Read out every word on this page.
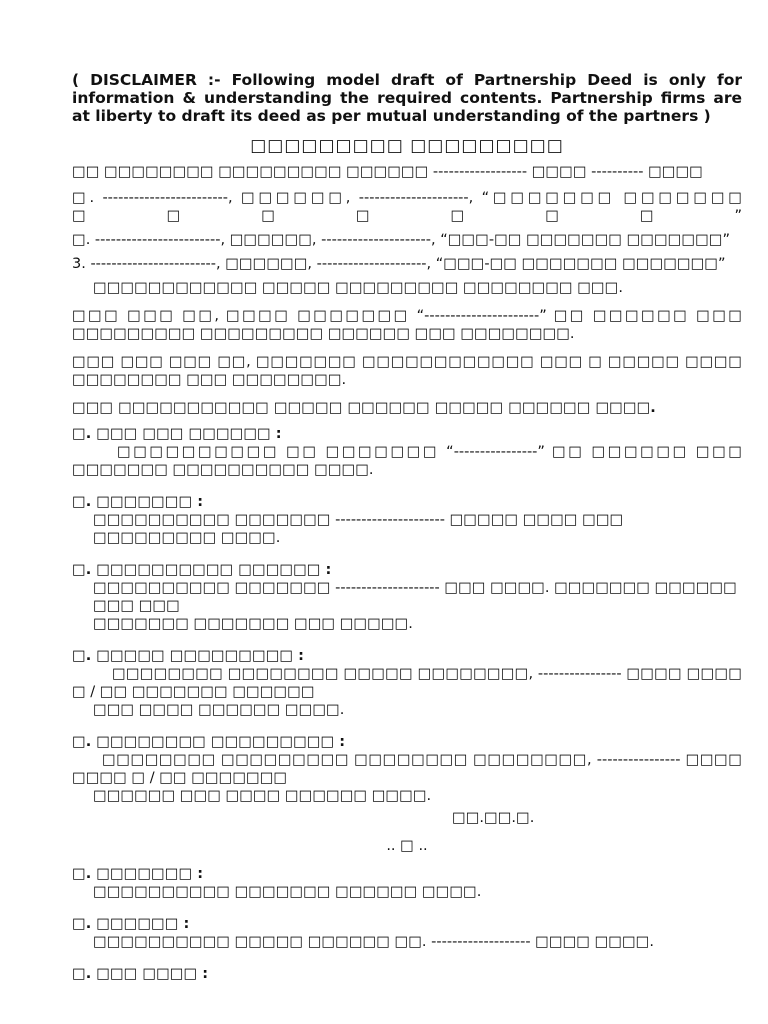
( DISCLAIMER :- Following model draft of Partnership Deed is only for information & understanding the required contents. Partnership firms are at liberty to draft its deed as per mutual understanding of the partners )

□□□□□□□□□ □□□□□□□□□

□□ □□□□□□□□ □□□□□□□□□ □□□□□□ ------------------ □□□□ ---------- □□□□

□. ------------------------, □□□□□□, ---------------------, “□□□□□□□ □□□□□□□ □□□□□□□”

□. ------------------------, □□□□□□, ---------------------, “□□□-□□ □□□□□□□ □□□□□□□”

3. ------------------------, □□□□□□, ---------------------, “□□□-□□ □□□□□□□ □□□□□□□”

□□□□□□□□□□□□ □□□□□ □□□□□□□□□ □□□□□□□□ □□□.

□□□ □□□ □□, □□□□ □□□□□□□ “----------------------” □□ □□□□□□ □□□ □□□□□□□□□ □□□□□□□□□ □□□□□□ □□□ □□□□□□□□.

□□□ □□□ □□□ □□, □□□□□□□ □□□□□□□□□□□□ □□□ □ □□□□□ □□□□ □□□□□□□□ □□□ □□□□□□□□.

□□□ □□□□□□□□□□□ □□□□□ □□□□□□ □□□□□ □□□□□□ □□□□.

□. □□□ □□□ □□□□□□ :

□□□□□□□□□□ □□ □□□□□□□ “----------------” □□ □□□□□□ □□□ □□□□□□□ □□□□□□□□□□ □□□□.

□. □□□□□□□ :

□□□□□□□□□□ □□□□□□□ --------------------- □□□□□ □□□□ □□□ □□□□□□□□□ □□□□.

□. □□□□□□□□□□ □□□□□□ :

□□□□□□□□□□ □□□□□□□ -------------------- □□□ □□□□. □□□□□□□ □□□□□□ □□□ □□□

□□□□□□□ □□□□□□□ □□□ □□□□□.

□. □□□□□ □□□□□□□□□ :

□□□□□□□□ □□□□□□□□ □□□□□ □□□□□□□□, ---------------- □□□□ □□□□ □ / □□ □□□□□□□ □□□□□□

□□□ □□□□ □□□□□□ □□□□.

□. □□□□□□□□ □□□□□□□□□ :

□□□□□□□□ □□□□□□□□□ □□□□□□□□ □□□□□□□□, ---------------- □□□□ □□□□ □ / □□ □□□□□□□

□□□□□□ □□□ □□□□ □□□□□□ □□□□.

□□.□□.□.

.. □ ..

□. □□□□□□□ :

□□□□□□□□□□ □□□□□□□ □□□□□□ □□□□.

□. □□□□□□ :

□□□□□□□□□□ □□□□□ □□□□□□ □□. ------------------- □□□□ □□□□.

□. □□□ □□□□ :
